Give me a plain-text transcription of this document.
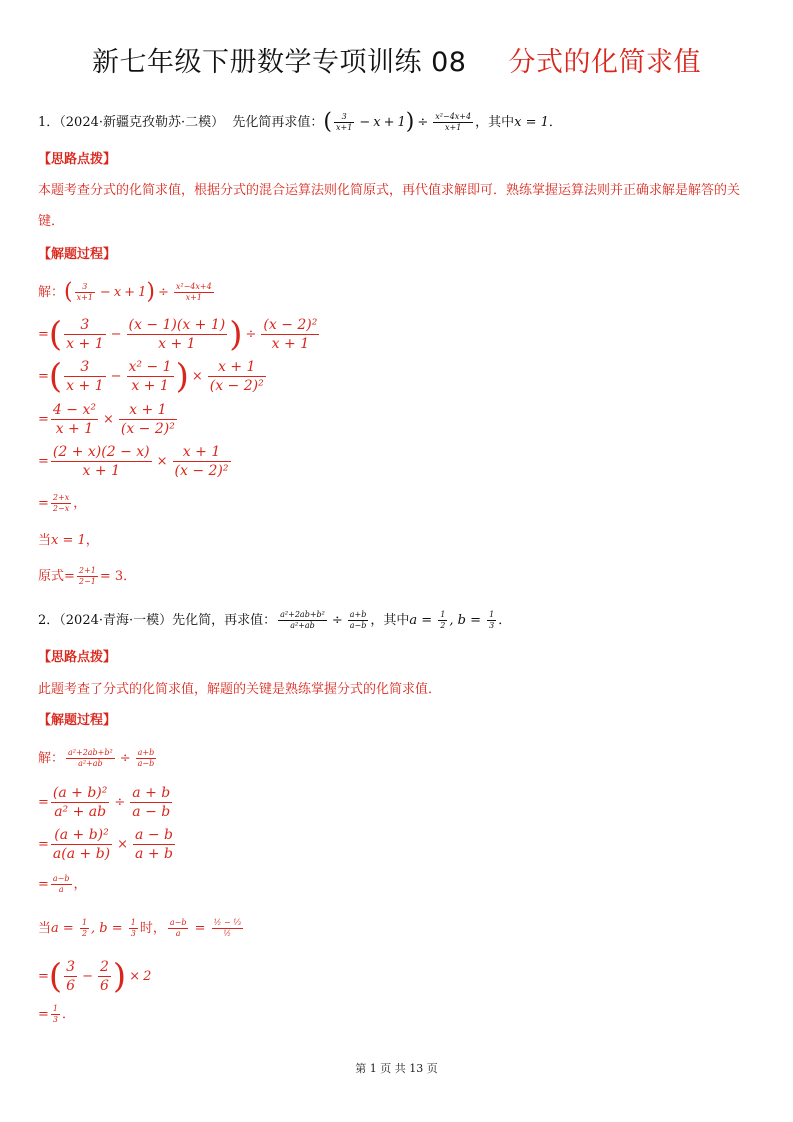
新七年级下册数学专项训练 08 分式的化简求值
1．（2024·新疆克孜勒苏·二模） 先化简再求值：( $\frac{3}{x+1} - x + 1) \div \frac{\text{x²−4x+4}}{x+1}$ ，其中x = 1．
【思路点拨】
本题考查分式的化简求值，根据分式的混合运算法则化简原式，再代值求解即可．熟练掌握运算法则并正确求解是解答的关键．
【解题过程】
解：( $\frac{3}{x+1} - x + 1) \div \frac{\text{x²−4x+4}}{x+1}$
=( $\frac{3}{x + 1} - \frac{(x - 1)(x + 1)}{x + 1}$ ) ÷ $\frac{\text{(x − 2)²}}{x + 1}$
=( $\frac{3}{x + 1} - \frac{\text{x² − 1}}{x + 1}$ ) × $\frac{x + 1}{\text{(x − 2)²}}$
= $\frac{\text{4 − x²}}{x + 1} \times \frac{x + 1}{\text{(x − 2)²}}$
= $\frac{(2 + x)(2 - x)}{x + 1} \times \frac{x + 1}{\text{(x − 2)²}}$
= $\frac{2+x}{2-x}$ ，
当x = 1，
原式= $\frac{2+1}{2-1} = 3$．
2．（2024·青海·一模）先化简，再求值： $\frac{\text{a²+2ab+b²}}{\text{a²+ab}} \div \frac{a+b}{a-b}$ ，其中$a = \frac{1}{2}$ , $b = \frac{1}{3}$ ．
【思路点拨】
此题考查了分式的化简求值，解题的关键是熟练掌握分式的化简求值．
【解题过程】
解： $\frac{\text{a²+2ab+b²}}{\text{a²+ab}} \div \frac{a+b}{a-b}$
= $\frac{\text{(a + b)²}}{\text{a² + ab}} \div \frac{a + b}{a - b}$
= $\frac{\text{(a + b)²}}{a(a + b)} \times \frac{a - b}{a + b}$
= $\frac{a-b}{a}$ ，
当$a = \frac{1}{2}$ , $b = \frac{1}{3}$ 时， $\frac{a-b}{a} = \frac{\text{½ − ⅓}}{\text{½}}$
=( $\frac{3}{6} - \frac{2}{6}$ ) × 2
= $\frac{1}{3}$ ．
第 1 页 共 13 页
